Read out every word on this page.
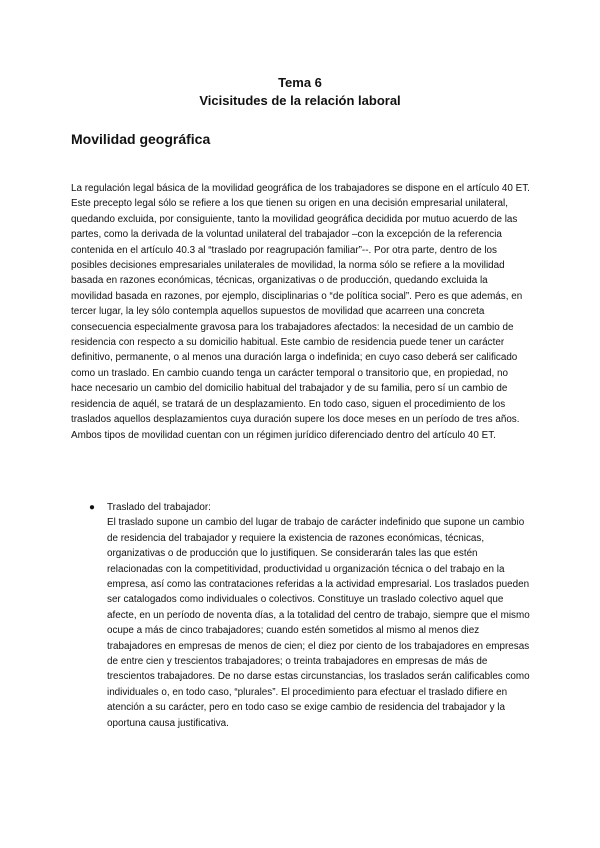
Tema 6
Vicisitudes de la relación laboral
Movilidad geográfica

La regulación legal básica de la movilidad geográfica de los trabajadores se dispone en el artículo 40 ET. Este precepto legal sólo se refiere a los que tienen su origen en una decisión empresarial unilateral, quedando excluida, por consiguiente, tanto la movilidad geográfica decidida por mutuo acuerdo de las partes, como la derivada de la voluntad unilateral del trabajador –con la excepción de la referencia contenida en el artículo 40.3 al “traslado por reagrupación familiar”--. Por otra parte, dentro de los posibles decisiones empresariales unilaterales de movilidad, la norma sólo se refiere a la movilidad basada en razones económicas, técnicas, organizativas o de producción, quedando excluida la movilidad basada en razones, por ejemplo, disciplinarias o “de política social”. Pero es que además, en tercer lugar, la ley sólo contempla aquellos supuestos de movilidad que acarreen una concreta consecuencia especialmente gravosa para los trabajadores afectados: la necesidad de un cambio de residencia con respecto a su domicilio habitual. Este cambio de residencia puede tener un carácter definitivo, permanente, o al menos una duración larga o indefinida; en cuyo caso deberá ser calificado como un traslado. En cambio cuando tenga un carácter temporal o transitorio que, en propiedad, no hace necesario un cambio del domicilio habitual del trabajador y de su familia, pero sí un cambio de residencia de aquél, se tratará de un desplazamiento. En todo caso, siguen el procedimiento de los traslados aquellos desplazamientos cuya duración supere los doce meses en un período de tres años.

Ambos tipos de movilidad cuentan con un régimen jurídico diferenciado dentro del artículo 40 ET.

● Traslado del trabajador:
El traslado supone un cambio del lugar de trabajo de carácter indefinido que supone un cambio de residencia del trabajador y requiere la existencia de razones económicas, técnicas, organizativas o de producción que lo justifiquen. Se considerarán tales las que estén relacionadas con la competitividad, productividad u organización técnica o del trabajo en la empresa, así como las contrataciones referidas a la actividad empresarial. Los traslados pueden ser catalogados como individuales o colectivos. Constituye un traslado colectivo aquel que afecte, en un período de noventa días, a la totalidad del centro de trabajo, siempre que el mismo ocupe a más de cinco trabajadores; cuando estén sometidos al mismo al menos diez trabajadores en empresas de menos de cien; el diez por ciento de los trabajadores en empresas de entre cien y trescientos trabajadores; o treinta trabajadores en empresas de más de trescientos trabajadores. De no darse estas circunstancias, los traslados serán calificables como individuales o, en todo caso, “plurales”. El procedimiento para efectuar el traslado difiere en atención a su carácter, pero en todo caso se exige cambio de residencia del trabajador y la oportuna causa justificativa.
